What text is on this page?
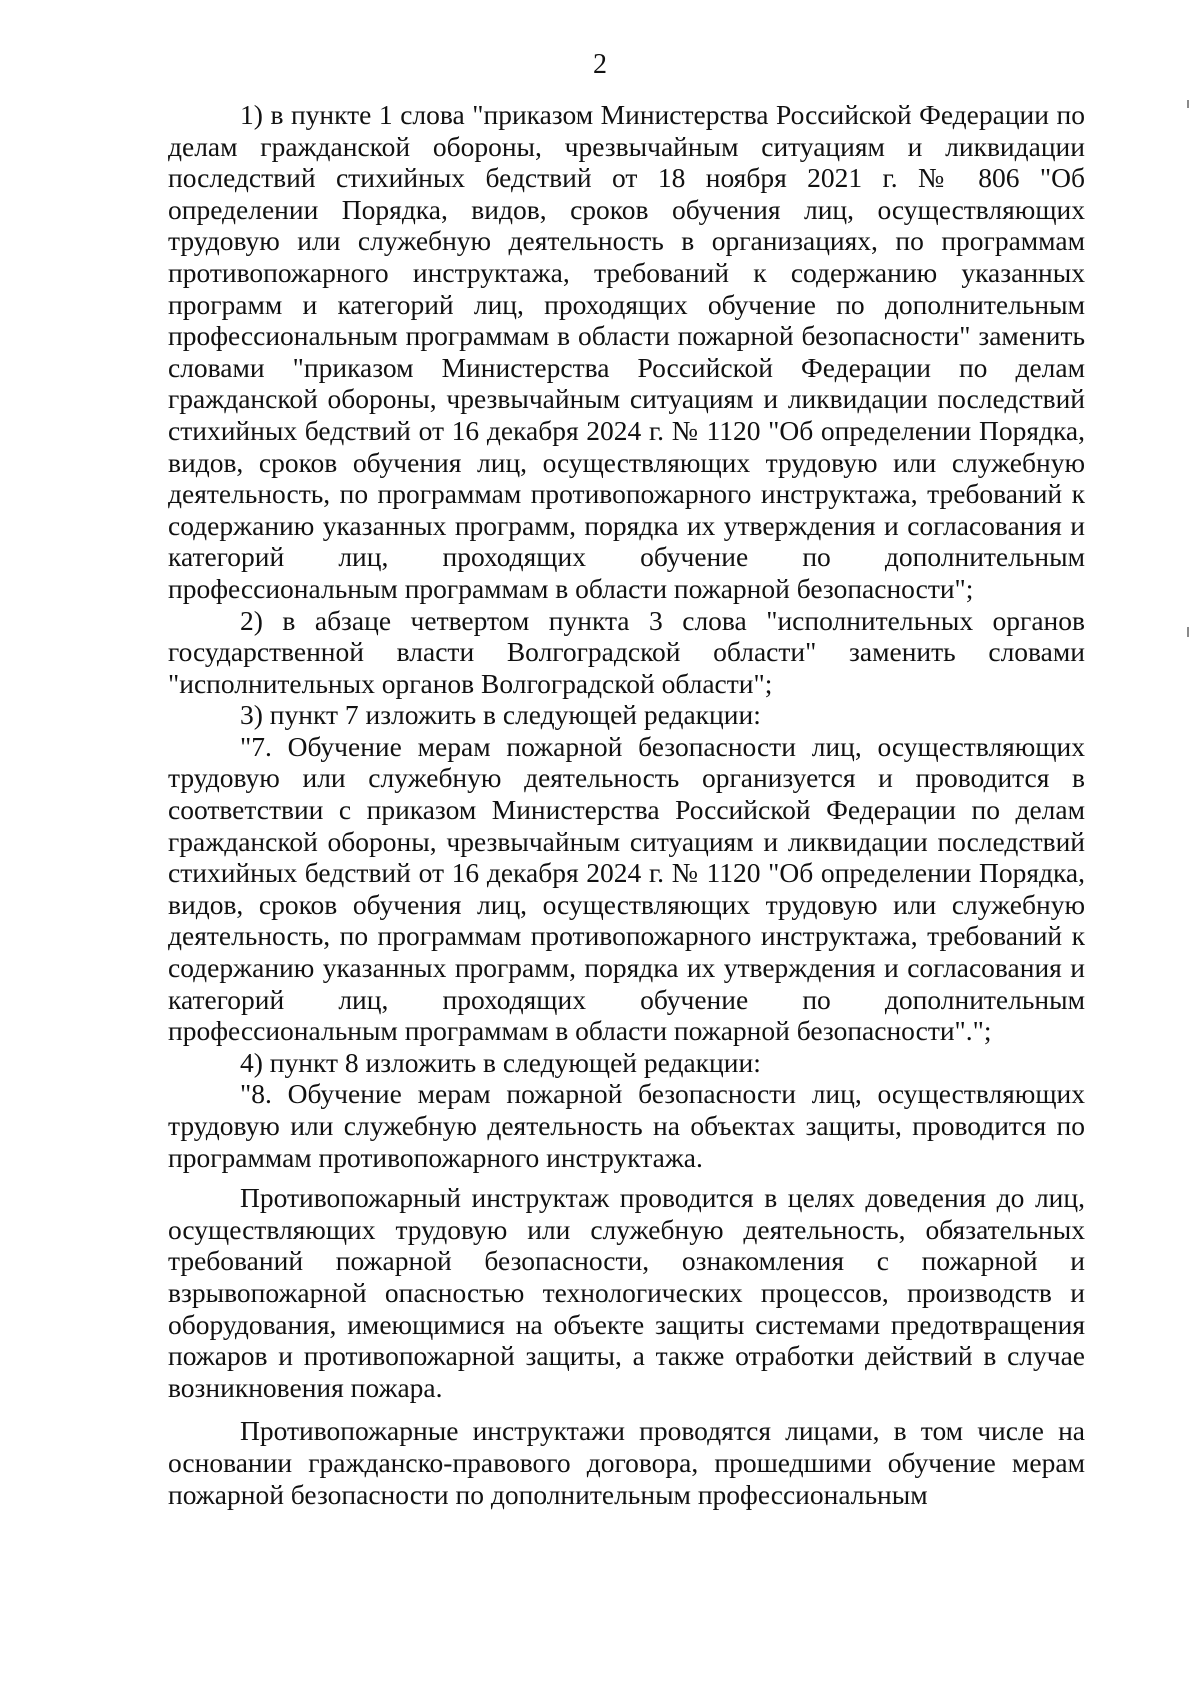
2

1) в пункте 1 слова "приказом Министерства Российской Федерации по делам гражданской обороны, чрезвычайным ситуациям и ликвидации последствий стихийных бедствий от 18 ноября 2021 г. № 806 "Об определении Порядка, видов, сроков обучения лиц, осуществляющих трудовую или служебную деятельность в организациях, по программам противопожарного инструктажа, требований к содержанию указанных программ и категорий лиц, проходящих обучение по дополнительным профессиональным программам в области пожарной безопасности" заменить словами "приказом Министерства Российской Федерации по делам гражданской обороны, чрезвычайным ситуациям и ликвидации последствий стихийных бедствий от 16 декабря 2024 г. № 1120 "Об определении Порядка, видов, сроков обучения лиц, осуществляющих трудовую или служебную деятельность, по программам противопожарного инструктажа, требований к содержанию указанных программ, порядка их утверждения и согласования и категорий лиц, проходящих обучение по дополнительным профессиональным программам в области пожарной безопасности";

2) в абзаце четвертом пункта 3 слова "исполнительных органов государственной власти Волгоградской области" заменить словами "исполнительных органов Волгоградской области";

3) пункт 7 изложить в следующей редакции:

"7. Обучение мерам пожарной безопасности лиц, осуществляющих трудовую или служебную деятельность организуется и проводится в соответствии с приказом Министерства Российской Федерации по делам гражданской обороны, чрезвычайным ситуациям и ликвидации последствий стихийных бедствий от 16 декабря 2024 г. № 1120 "Об определении Порядка, видов, сроков обучения лиц, осуществляющих трудовую или служебную деятельность, по программам противопожарного инструктажа, требований к содержанию указанных программ, порядка их утверждения и согласования и категорий лиц, проходящих обучение по дополнительным профессиональным программам в области пожарной безопасности".";

4) пункт 8 изложить в следующей редакции:

"8. Обучение мерам пожарной безопасности лиц, осуществляющих трудовую или служебную деятельность на объектах защиты, проводится по программам противопожарного инструктажа.

Противопожарный инструктаж проводится в целях доведения до лиц, осуществляющих трудовую или служебную деятельность, обязательных требований пожарной безопасности, ознакомления с пожарной и взрывопожарной опасностью технологических процессов, производств и оборудования, имеющимися на объекте защиты системами предотвращения пожаров и противопожарной защиты, а также отработки действий в случае возникновения пожара.

Противопожарные инструктажи проводятся лицами, в том числе на основании гражданско-правового договора, прошедшими обучение мерам пожарной безопасности по дополнительным профессиональным
